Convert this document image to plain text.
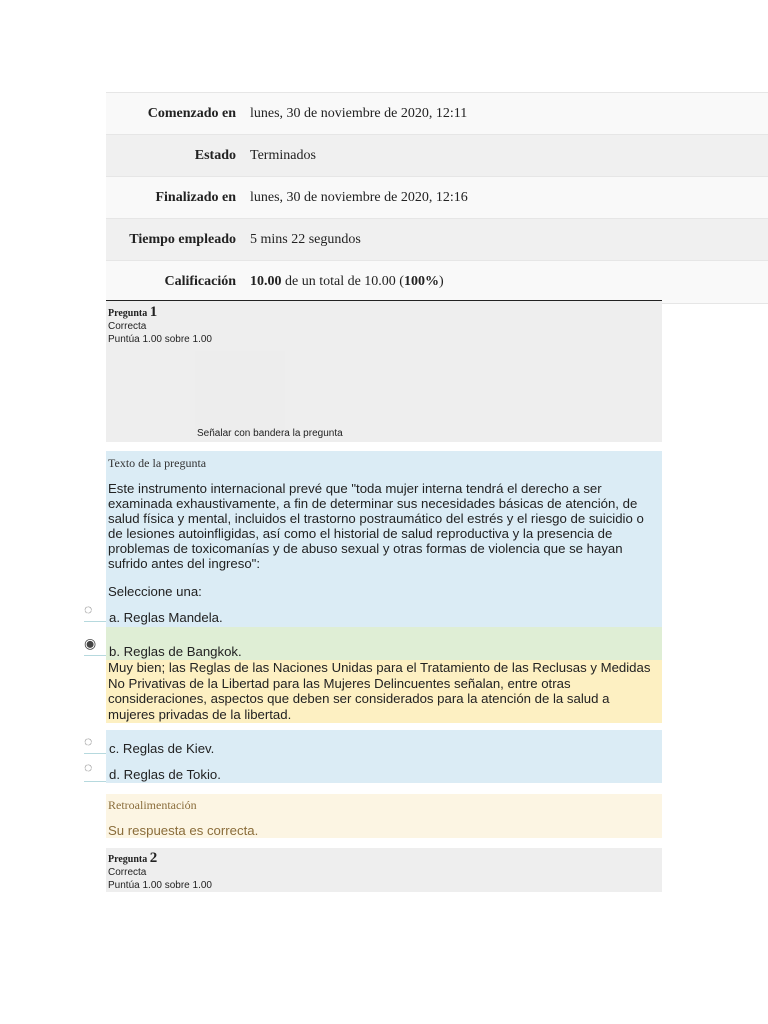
Comenzado en	lunes, 30 de noviembre de 2020, 12:11
Estado	Terminados
Finalizado en	lunes, 30 de noviembre de 2020, 12:16
Tiempo empleado	5 mins 22 segundos
Calificación	10.00 de un total de 10.00 (100%)
Pregunta 1
Correcta
Puntúa 1.00 sobre 1.00
Señalar con bandera la pregunta
Texto de la pregunta
Este instrumento internacional prevé que "toda mujer interna tendrá el derecho a ser examinada exhaustivamente, a fin de determinar sus necesidades básicas de atención, de salud física y mental, incluidos el trastorno postraumático del estrés y el riesgo de suicidio o de lesiones autoinfligidas, así como el historial de salud reproductiva y la presencia de problemas de toxicomanías y de abuso sexual y otras formas de violencia que se hayan sufrido antes del ingreso":
Seleccione una:
Muy bien; las Reglas de las Naciones Unidas para el Tratamiento de las Reclusas y Medidas No Privativas de la Libertad para las Mujeres Delincuentes señalan, entre otras consideraciones, aspectos que deben ser considerados para la atención de la salud a mujeres privadas de la libertad.
◌
a. Reglas Mandela.
◉
b. Reglas de Bangkok.
◌ c. Reglas de Kiev.
◌ d. Reglas de Tokio.
Retroalimentación
Su respuesta es correcta.
Pregunta 2
Correcta
Puntúa 1.00 sobre 1.00
